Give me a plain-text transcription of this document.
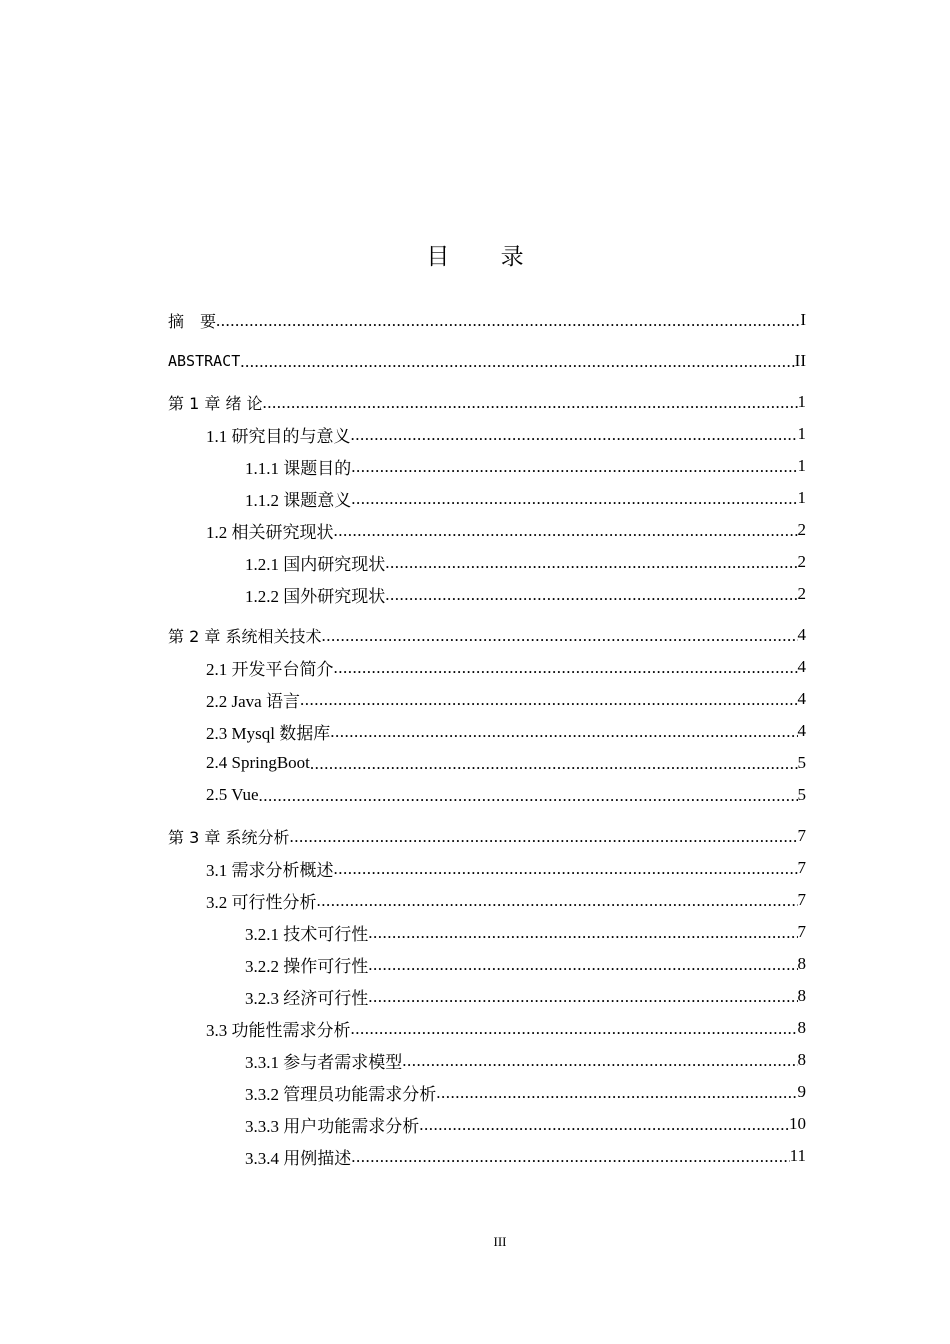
目 录
摘　要 .....	I
ABSTRACT .....	II
第 1 章 绪 论 .....	1
1.1 研究目的与意义 .....	1
1.1.1 课题目的 .....	1
1.1.2 课题意义 .....	1
1.2 相关研究现状 .....	2
1.2.1 国内研究现状 .....	2
1.2.2 国外研究现状 .....	2
第 2 章 系统相关技术 .....	4
2.1 开发平台简介 .....	4
2.2 Java 语言 .....	4
2.3 Mysql 数据库 .....	4
2.4 SpringBoot .....	5
2.5 Vue .....	5
第 3 章 系统分析 .....	7
3.1 需求分析概述 .....	7
3.2 可行性分析 .....	7
3.2.1 技术可行性 .....	7
3.2.2 操作可行性 .....	8
3.2.3 经济可行性 .....	8
3.3 功能性需求分析 .....	8
3.3.1 参与者需求模型 .....	8
3.3.2 管理员功能需求分析 .....	9
3.3.3 用户功能需求分析 .....	10
3.3.4 用例描述 .....	11
III
